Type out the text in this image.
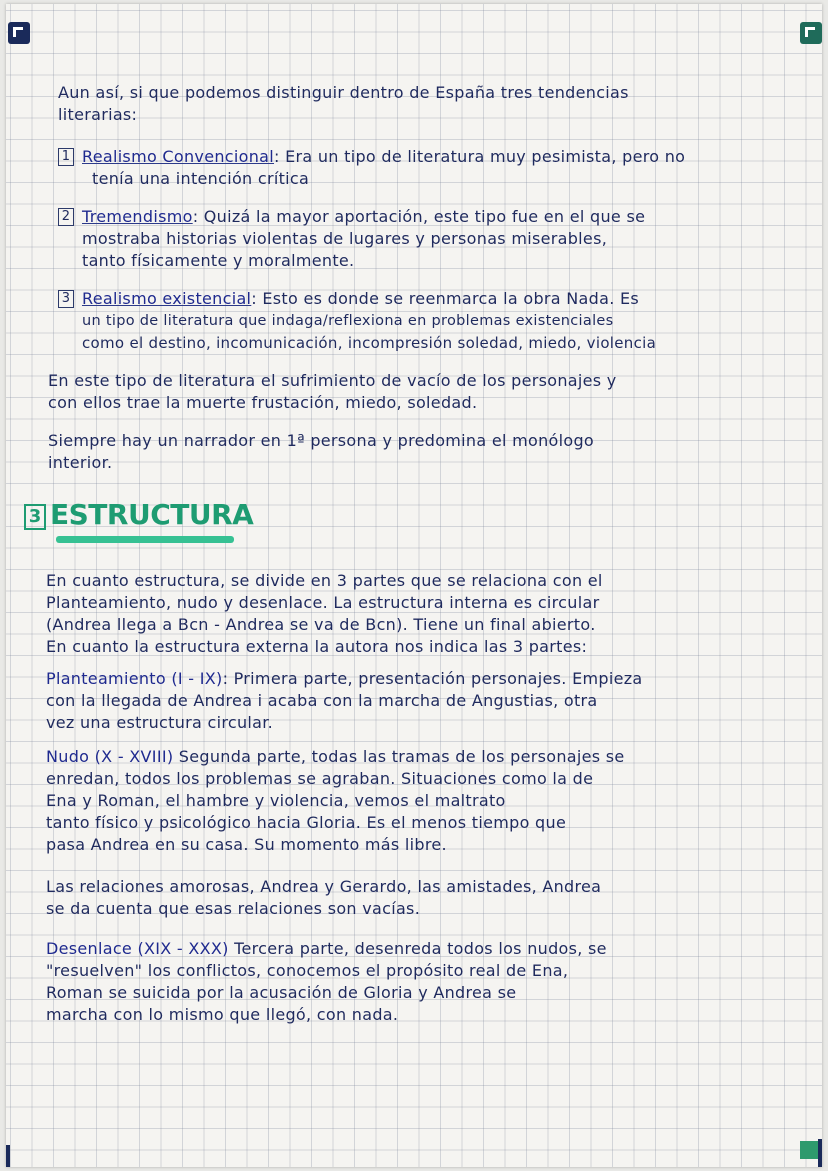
Aun así, si que podemos distinguir dentro de España tres tendencias
literarias:
1 Realismo Convencional: Era un tipo de literatura muy pesimista, pero no
tenía una intención crítica
2 Tremendismo: Quizá la mayor aportación, este tipo fue en el que se
mostraba historias violentas de lugares y personas miserables,
tanto físicamente y moralmente.
3 Realismo existencial: Esto es donde se reenmarca la obra Nada. Es
un tipo de literatura que indaga/reflexiona en problemas existenciales
como el destino, incomunicación, incompresión soledad, miedo, violencia
En este tipo de literatura el sufrimiento de vacío de los personajes y
con ellos trae la muerte frustación, miedo, soledad.
Siempre hay un narrador en 1ª persona y predomina el monólogo
interior.
3 ESTRUCTURA
En cuanto estructura, se divide en 3 partes que se relaciona con el
Planteamiento, nudo y desenlace. La estructura interna es circular
(Andrea llega a Bcn - Andrea se va de Bcn). Tiene un final abierto.
En cuanto la estructura externa la autora nos indica las 3 partes:
Planteamiento (I - IX): Primera parte, presentación personajes. Empieza
con la llegada de Andrea i acaba con la marcha de Angustias, otra
vez una estructura circular.
Nudo (X - XVIII) Segunda parte, todas las tramas de los personajes se
enredan, todos los problemas se agraban. Situaciones como la de
Ena y Roman, el hambre y violencia, vemos el maltrato
tanto físico y psicológico hacia Gloria. Es el menos tiempo que
pasa Andrea en su casa. Su momento más libre.
Las relaciones amorosas, Andrea y Gerardo, las amistades, Andrea
se da cuenta que esas relaciones son vacías.
Desenlace (XIX - XXX) Tercera parte, desenreda todos los nudos, se
"resuelven" los conflictos, conocemos el propósito real de Ena,
Roman se suicida por la acusación de Gloria y Andrea se
marcha con lo mismo que llegó, con nada.
